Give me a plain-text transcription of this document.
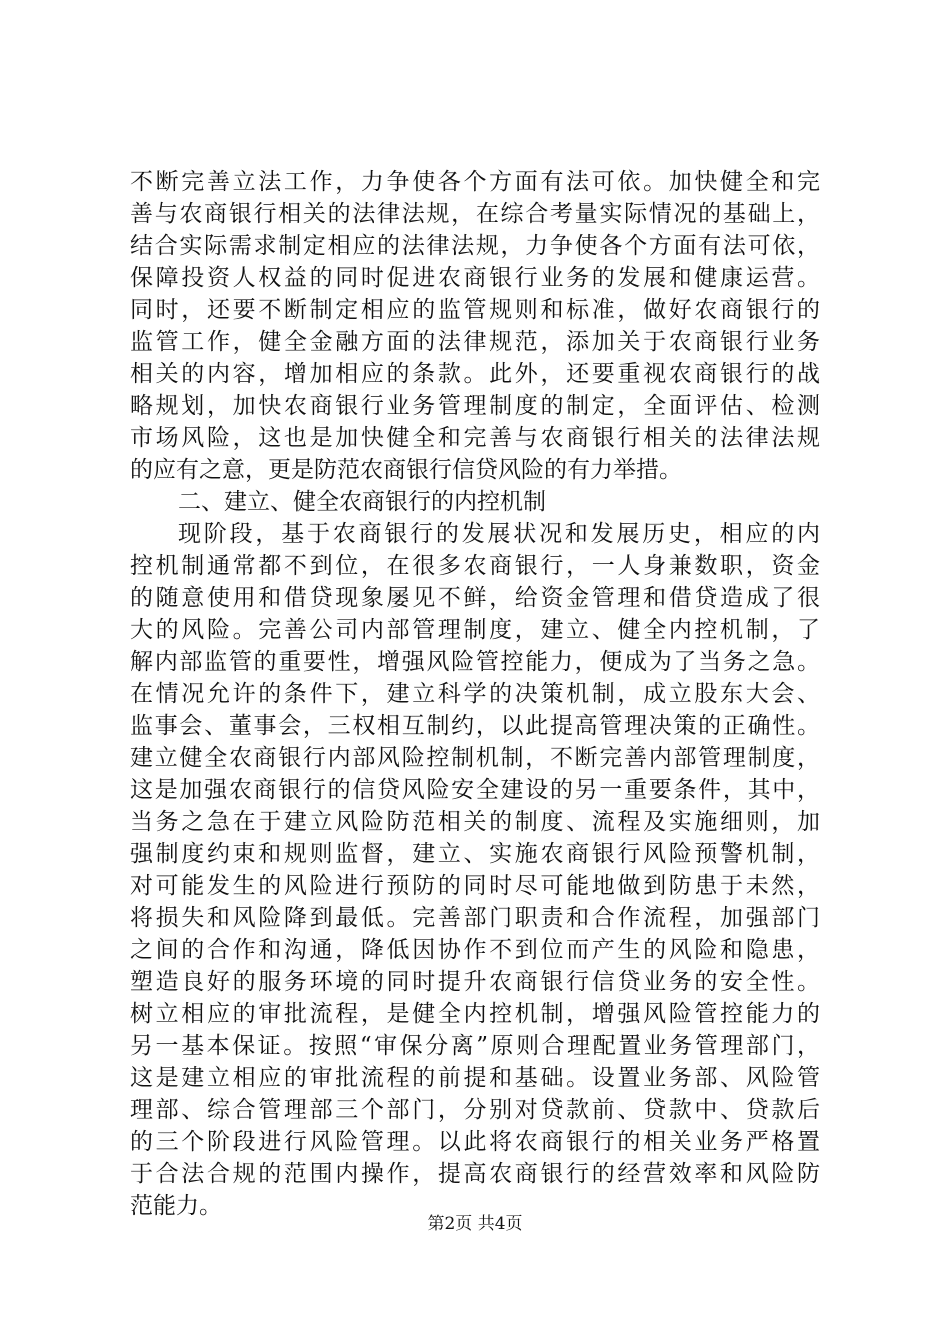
不断完善立法工作，力争使各个方面有法可依。加快健全和完
善与农商银行相关的法律法规，在综合考量实际情况的基础上，
结合实际需求制定相应的法律法规，力争使各个方面有法可依，
保障投资人权益的同时促进农商银行业务的发展和健康运营。
同时，还要不断制定相应的监管规则和标准，做好农商银行的
监管工作，健全金融方面的法律规范，添加关于农商银行业务
相关的内容，增加相应的条款。此外，还要重视农商银行的战
略规划，加快农商银行业务管理制度的制定，全面评估、检测
市场风险，这也是加快健全和完善与农商银行相关的法律法规
的应有之意，更是防范农商银行信贷风险的有力举措。
二、建立、健全农商银行的内控机制
现阶段，基于农商银行的发展状况和发展历史，相应的内
控机制通常都不到位，在很多农商银行，一人身兼数职，资金
的随意使用和借贷现象屡见不鲜，给资金管理和借贷造成了很
大的风险。完善公司内部管理制度，建立、健全内控机制，了
解内部监管的重要性，增强风险管控能力，便成为了当务之急。
在情况允许的条件下，建立科学的决策机制，成立股东大会、
监事会、董事会，三权相互制约，以此提高管理决策的正确性。
建立健全农商银行内部风险控制机制，不断完善内部管理制度，
这是加强农商银行的信贷风险安全建设的另一重要条件，其中，
当务之急在于建立风险防范相关的制度、流程及实施细则，加
强制度约束和规则监督，建立、实施农商银行风险预警机制，
对可能发生的风险进行预防的同时尽可能地做到防患于未然，
将损失和风险降到最低。完善部门职责和合作流程，加强部门
之间的合作和沟通，降低因协作不到位而产生的风险和隐患，
塑造良好的服务环境的同时提升农商银行信贷业务的安全性。
树立相应的审批流程，是健全内控机制，增强风险管控能力的
另一基本保证。按照“审保分离”原则合理配置业务管理部门，
这是建立相应的审批流程的前提和基础。设置业务部、风险管
理部、综合管理部三个部门，分别对贷款前、贷款中、贷款后
的三个阶段进行风险管理。以此将农商银行的相关业务严格置
于合法合规的范围内操作，提高农商银行的经营效率和风险防
范能力。
第2页 共4页
